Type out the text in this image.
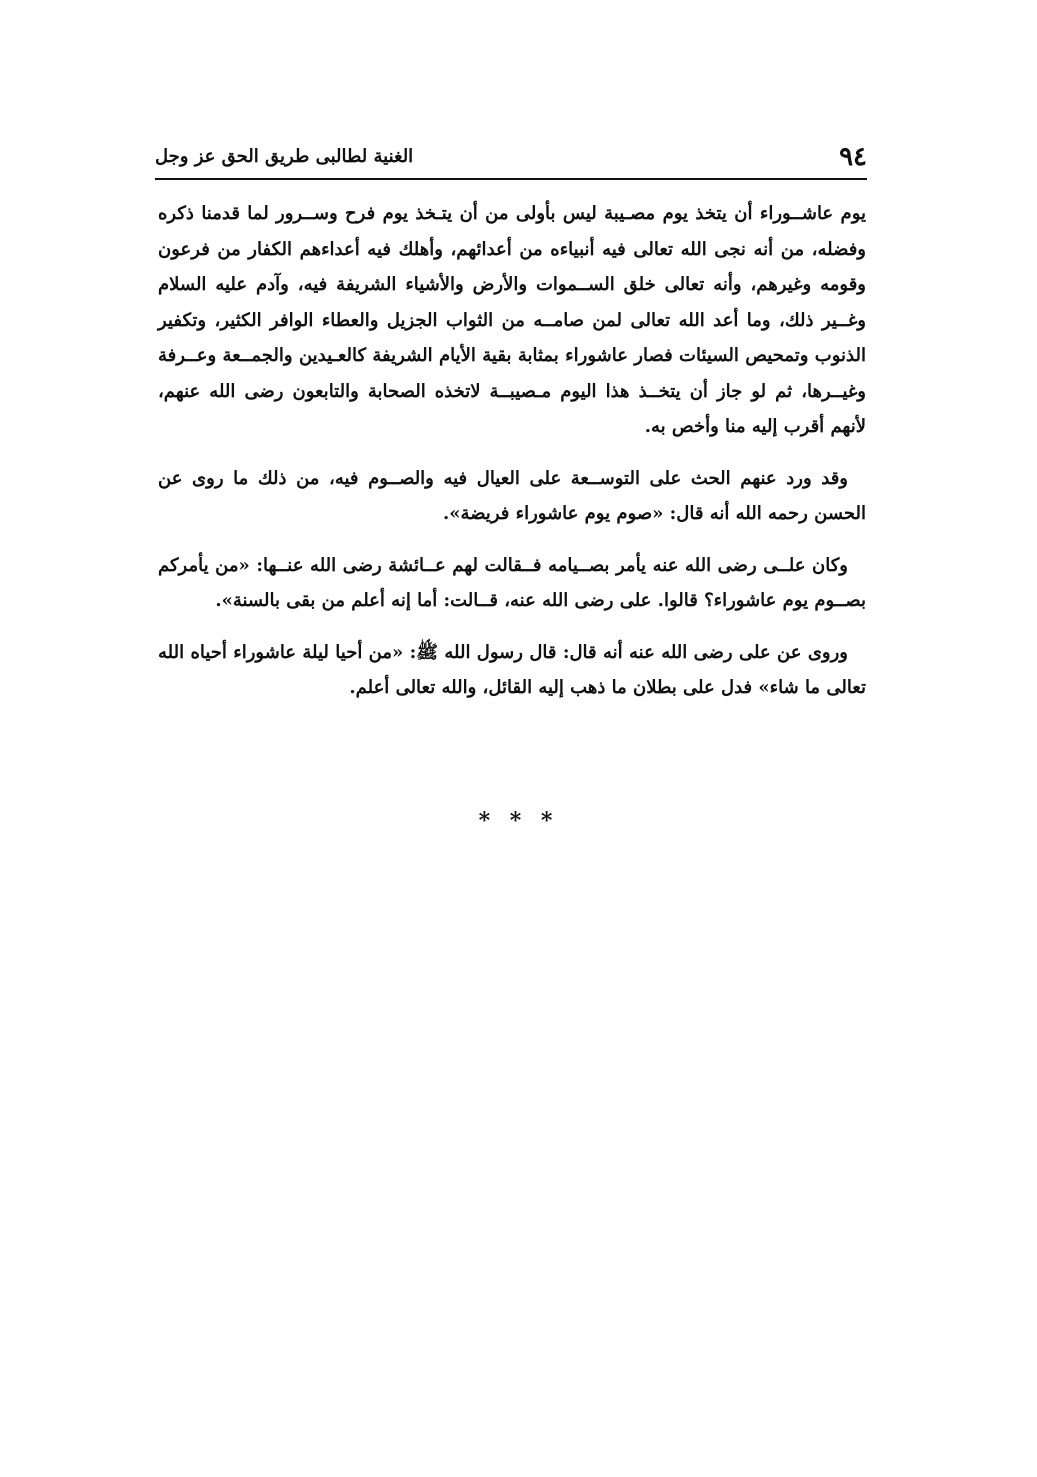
٩٤
الغنية لطالبى طريق الحق عز وجل

يوم عاشــوراء أن يتخذ يوم مصـيبة ليس بأولى من أن يتـخذ يوم فرح وســرور لما قدمنا ذكره وفضله، من أنه نجى الله تعالى فيه أنبياءه من أعدائهم، وأهلك فيه أعداءهم الكفار من فرعون وقومه وغيرهم، وأنه تعالى خلق الســموات والأرض والأشياء الشريفة فيه، وآدم عليه السلام وغــير ذلك، وما أعد الله تعالى لمن صامــه من الثواب الجزيل والعطاء الوافر الكثير، وتكفير الذنوب وتمحيص السيئات فصار عاشوراء بمثابة بقية الأيام الشريفة كالعـيدين والجمــعة وعــرفة وغيــرها، ثم لو جاز أن يتخــذ هذا اليوم مـصيبــة لاتخذه الصحابة والتابعون رضى الله عنهم، لأنهم أقرب إليه منا وأخص به.

وقد ورد عنهم الحث على التوســعة على العيال فيه والصــوم فيه، من ذلك ما روى عن الحسن رحمه الله أنه قال: «صوم يوم عاشوراء فريضة».

وكان علــى رضى الله عنه يأمر بصــيامه فــقالت لهم عــائشة رضى الله عنــها: «من يأمركم بصــوم يوم عاشوراء؟ قالوا. على رضى الله عنه، قــالت: أما إنه أعلم من بقى بالسنة».

وروى عن على رضى الله عنه أنه قال: قال رسول الله ﷺ: «من أحيا ليلة عاشوراء أحياه الله تعالى ما شاء» فدل على بطلان ما ذهب إليه القائل، والله تعالى أعلم.

* * *
